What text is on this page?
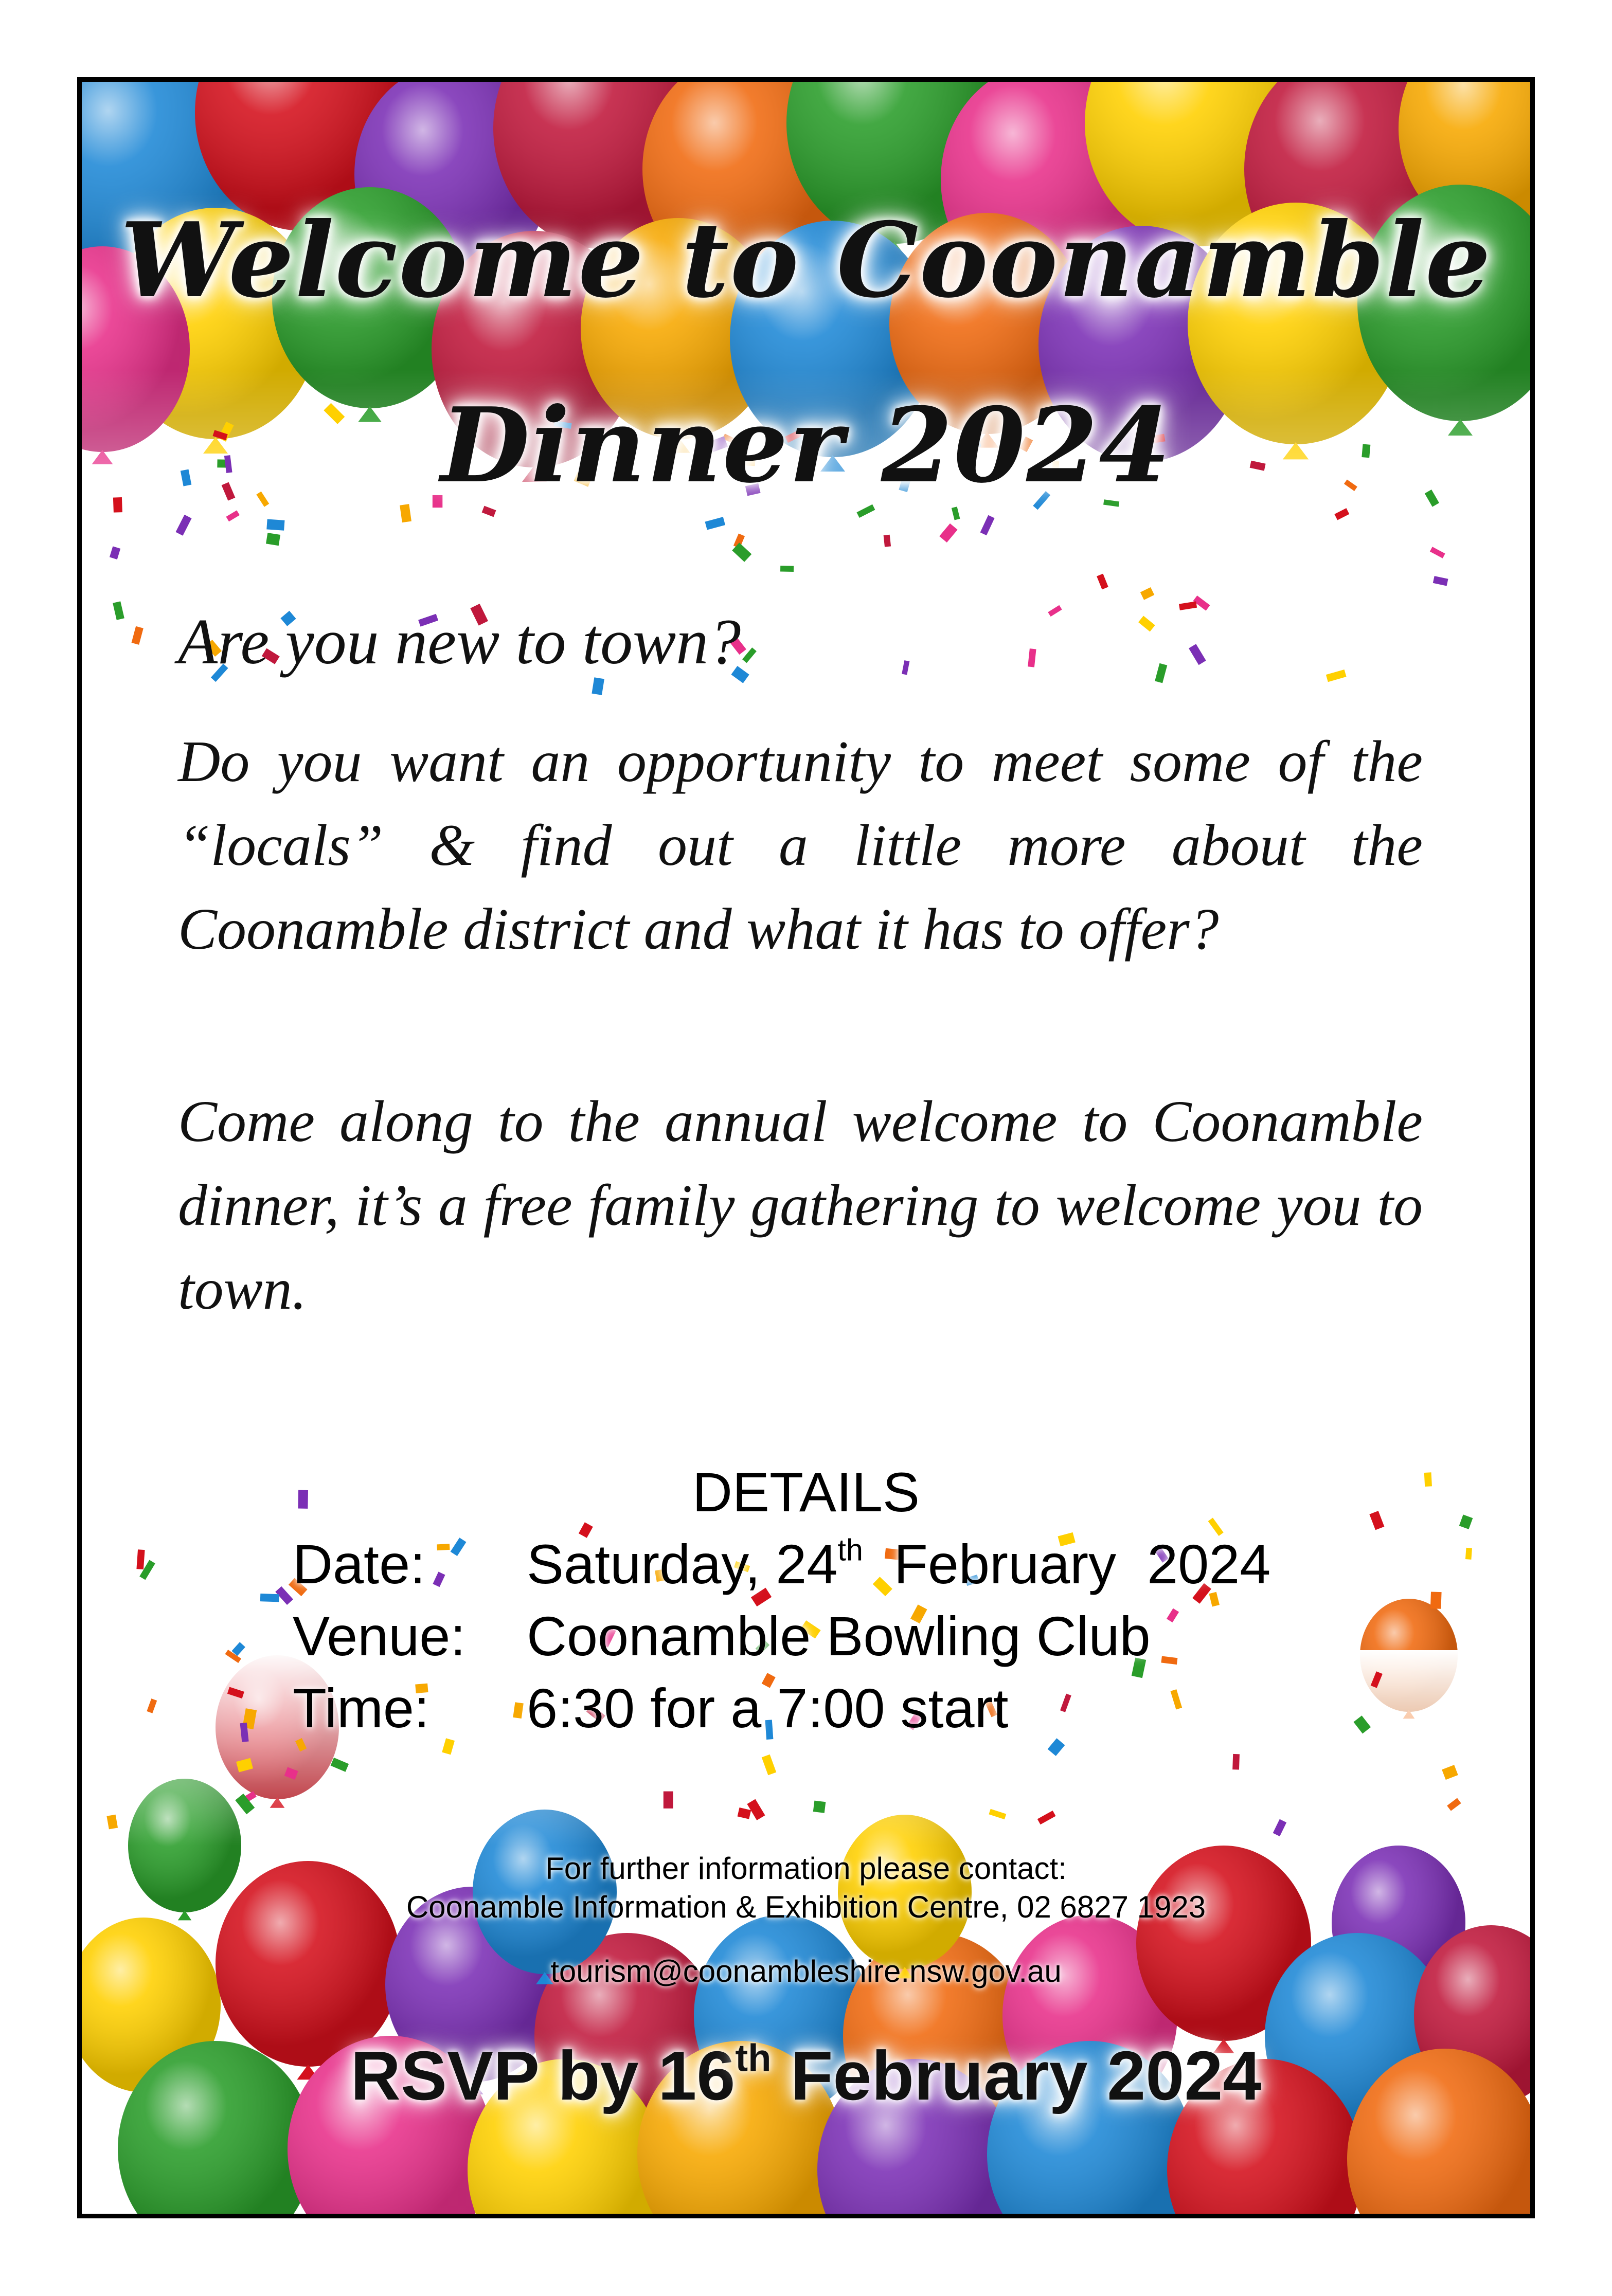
Welcome to Coonamble
Dinner 2024

Are you new to town?

Do you want an opportunity to meet some of the “locals” & find out a little more about the Coonamble district and what it has to offer?

Come along to the annual welcome to Coonamble dinner, it’s a free family gathering to welcome you to town.

DETAILS
Date: Saturday, 24th  February  2024
Venue: Coonamble Bowling Club
Time: 6:30 for a 7:00 start
For further information please contact:
Coonamble Information & Exhibition Centre, 02 6827 1923
tourism@coonambleshire.nsw.gov.au
RSVP by 16th February 2024
